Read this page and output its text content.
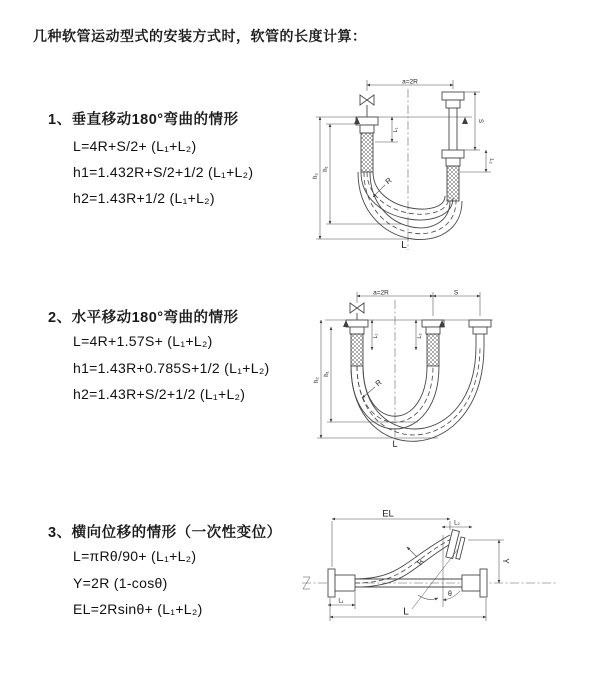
几种软管运动型式的安装方式时，软管的长度计算：
1、垂直移动180°弯曲的情形
L=4R+S/2+ (L₁+L₂)
h1=1.432R+S/2+1/2 (L₁+L₂)
h2=1.43R+1/2 (L₁+L₂)
2、水平移动180°弯曲的情形
L=4R+1.57S+ (L₁+L₂)
h1=1.43R+0.785S+1/2 (L₁+L₂)
h2=1.43R+S/2+1/2 (L₁+L₂)
3、横向位移的情形（一次性变位）
L=πRθ/90+ (L₁+L₂)
Y=2R (1-cosθ)
EL=2Rsinθ+ (L₁+L₂)
a=2R
S
L₂
L₁
h₂
h₁
R
L
a=2R	S
L₁	L₂
h₂
h₁
R
L
θ
R
EL
L₂
Y
L₁
L
